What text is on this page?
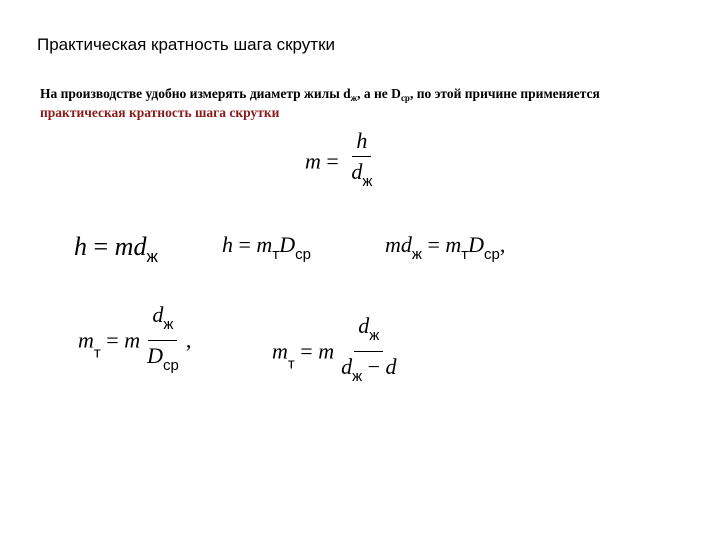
Практическая кратность шага скрутки
На производстве удобно измерять диаметр жилы $d_ж$, а не $D_{ср}$, по этой причине применяется практическая кратность шага скрутки
$m = \frac{h}{d_ж}$
$h = md_ж$	$h = m_тD_{ср}$	$md_ж = m_тD_{ср}$,
$m_т = m \frac{d_ж}{D_{ср}}$ ,	$m_т = m \frac{d_ж}{d_ж - d}$
